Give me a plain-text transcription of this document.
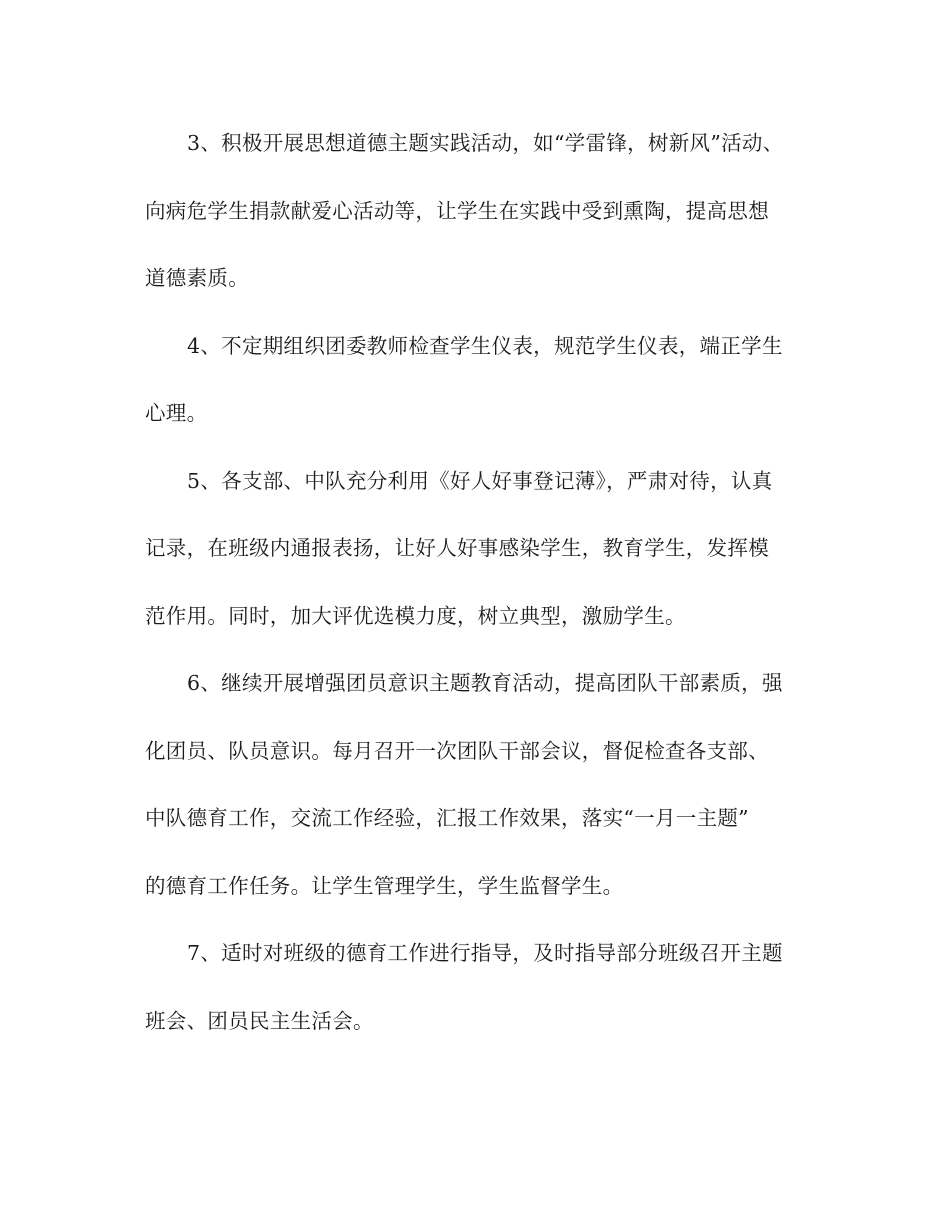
3、积极开展思想道德主题实践活动，如“学雷锋，树新风”活动、
向病危学生捐款献爱心活动等，让学生在实践中受到熏陶，提高思想
道德素质。
4、不定期组织团委教师检查学生仪表，规范学生仪表，端正学生
心理。
5、各支部、中队充分利用《好人好事登记薄》，严肃对待，认真
记录，在班级内通报表扬，让好人好事感染学生，教育学生，发挥模
范作用。同时，加大评优选模力度，树立典型，激励学生。
6、继续开展增强团员意识主题教育活动，提高团队干部素质，强
化团员、队员意识。每月召开一次团队干部会议，督促检查各支部、
中队德育工作，交流工作经验，汇报工作效果，落实“一月一主题”
的德育工作任务。让学生管理学生，学生监督学生。
7、适时对班级的德育工作进行指导，及时指导部分班级召开主题
班会、团员民主生活会。
